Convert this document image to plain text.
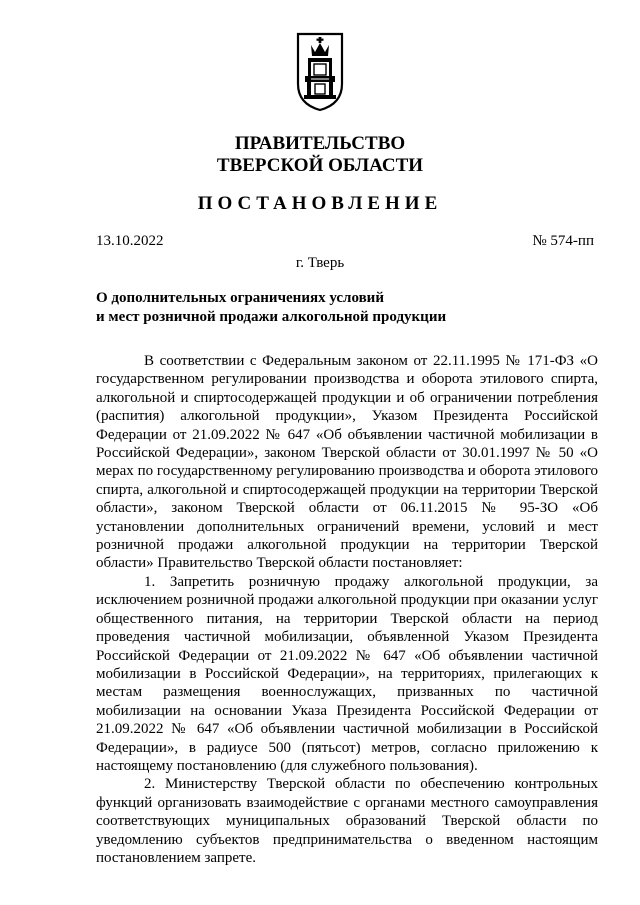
ПРАВИТЕЛЬСТВО
ТВЕРСКОЙ ОБЛАСТИ
ПОСТАНОВЛЕНИЕ
13.10.2022	№ 574-пп
г. Тверь
О дополнительных ограничениях условий
и мест розничной продажи алкогольной продукции

В соответствии с Федеральным законом от 22.11.1995 № 171-ФЗ «О государственном регулировании производства и оборота этилового спирта, алкогольной и спиртосодержащей продукции и об ограничении потребления (распития) алкогольной продукции», Указом Президента Российской Федерации от 21.09.2022 № 647 «Об объявлении частичной мобилизации в Российской Федерации», законом Тверской области от 30.01.1997 № 50 «О мерах по государственному регулированию производства и оборота этилового спирта, алкогольной и спиртосодержащей продукции на территории Тверской области», законом Тверской области от 06.11.2015 № 95-ЗО «Об установлении дополнительных ограничений времени, условий и мест розничной продажи алкогольной продукции на территории Тверской области» Правительство Тверской области постановляет:

1. Запретить розничную продажу алкогольной продукции, за исключением розничной продажи алкогольной продукции при оказании услуг общественного питания, на территории Тверской области на период проведения частичной мобилизации, объявленной Указом Президента Российской Федерации от 21.09.2022 № 647 «Об объявлении частичной мобилизации в Российской Федерации», на территориях, прилегающих к местам размещения военнослужащих, призванных по частичной мобилизации на основании Указа Президента Российской Федерации от 21.09.2022 № 647 «Об объявлении частичной мобилизации в Российской Федерации», в радиусе 500 (пятьсот) метров, согласно приложению к настоящему постановлению (для служебного пользования).

2. Министерству Тверской области по обеспечению контрольных функций организовать взаимодействие с органами местного самоуправления соответствующих муниципальных образований Тверской области по уведомлению субъектов предпринимательства о введенном настоящим постановлением запрете.
